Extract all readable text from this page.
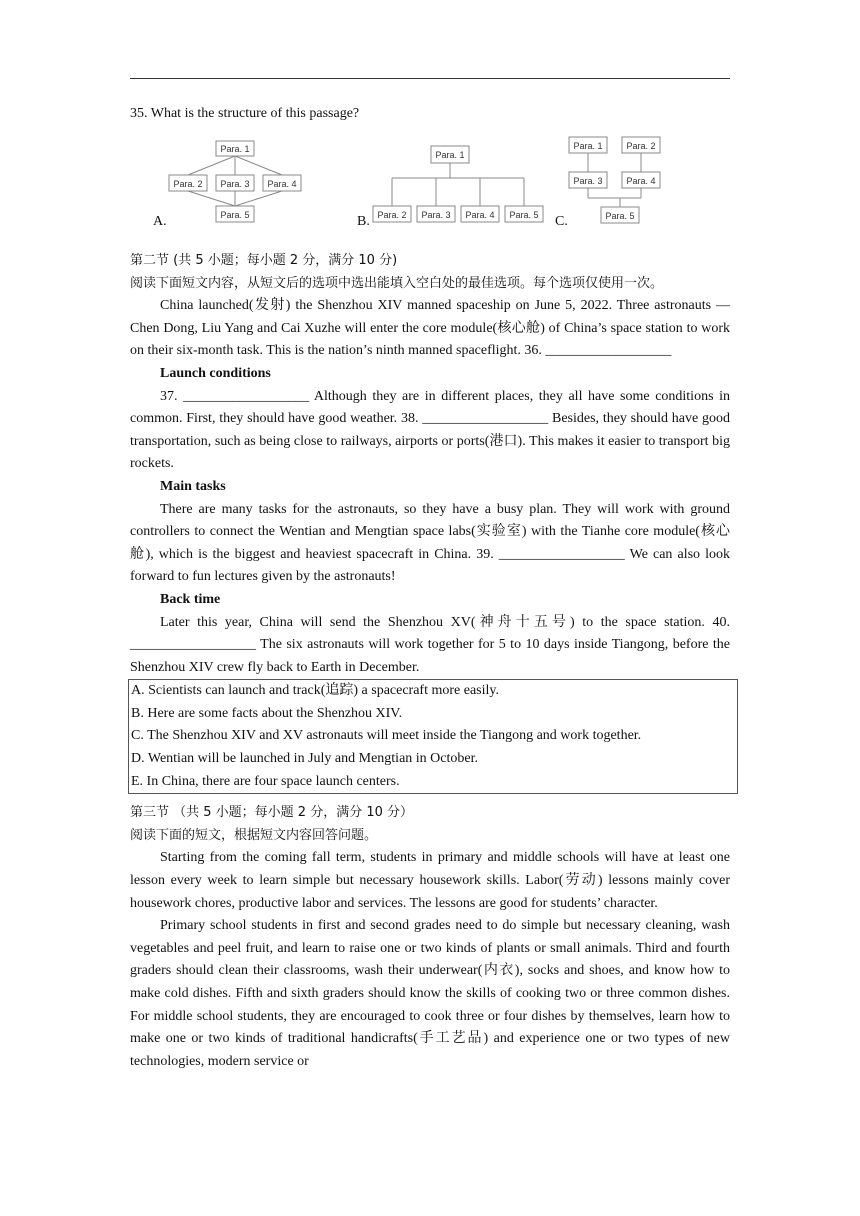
35. What is the structure of this passage?
Para. 1
Para. 2 Para. 3 Para. 4
Para. 5
Para. 1
Para. 2 Para. 3 Para. 4 Para. 5
Para. 1	Para. 2
Para. 3	Para. 4
Para. 5
A.	B.	C.

第二节 (共 5 小题；每小题 2 分，满分 10 分)

阅读下面短文内容，从短文后的选项中选出能填入空白处的最佳选项。每个选项仅使用一次。

China launched(发射) the Shenzhou XIV manned spaceship on June 5, 2022. Three astronauts — Chen Dong, Liu Yang and Cai Xuzhe will enter the core module(核心舱) of China’s space station to work on their six-month task. This is the nation’s ninth manned spaceflight. 36. __________________

Launch conditions

37. __________________ Although they are in different places, they all have some conditions in common. First, they should have good weather. 38. __________________ Besides, they should have good transportation, such as being close to railways, airports or ports(港口). This makes it easier to transport big rockets.

Main tasks

There are many tasks for the astronauts, so they have a busy plan. They will work with ground controllers to connect the Wentian and Mengtian space labs(实验室) with the Tianhe core module(核心舱), which is the biggest and heaviest spacecraft in China. 39. __________________ We can also look forward to fun lectures given by the astronauts!

Back time

Later this year, China will send the Shenzhou XV(神舟十五号) to the space station. 40. __________________ The six astronauts will work together for 5 to 10 days inside Tiangong, before the Shenzhou XIV crew fly back to Earth in December.

A. Scientists can launch and track(追踪) a spacecraft more easily.
B. Here are some facts about the Shenzhou XIV.
C. The Shenzhou XIV and XV astronauts will meet inside the Tiangong and work together.
D. Wentian will be launched in July and Mengtian in October.
E. In China, there are four space launch centers.

第三节 （共 5 小题；每小题 2 分，满分 10 分）

阅读下面的短文，根据短文内容回答问题。

Starting from the coming fall term, students in primary and middle schools will have at least one lesson every week to learn simple but necessary housework skills. Labor(劳动) lessons mainly cover housework chores, productive labor and services. The lessons are good for students’ character.

Primary school students in first and second grades need to do simple but necessary cleaning, wash vegetables and peel fruit, and learn to raise one or two kinds of plants or small animals. Third and fourth graders should clean their classrooms, wash their underwear(内衣), socks and shoes, and know how to make cold dishes. Fifth and sixth graders should know the skills of cooking two or three common dishes. For middle school students, they are encouraged to cook three or four dishes by themselves, learn how to make one or two kinds of traditional handicrafts(手工艺品) and experience one or two types of new technologies, modern service or
